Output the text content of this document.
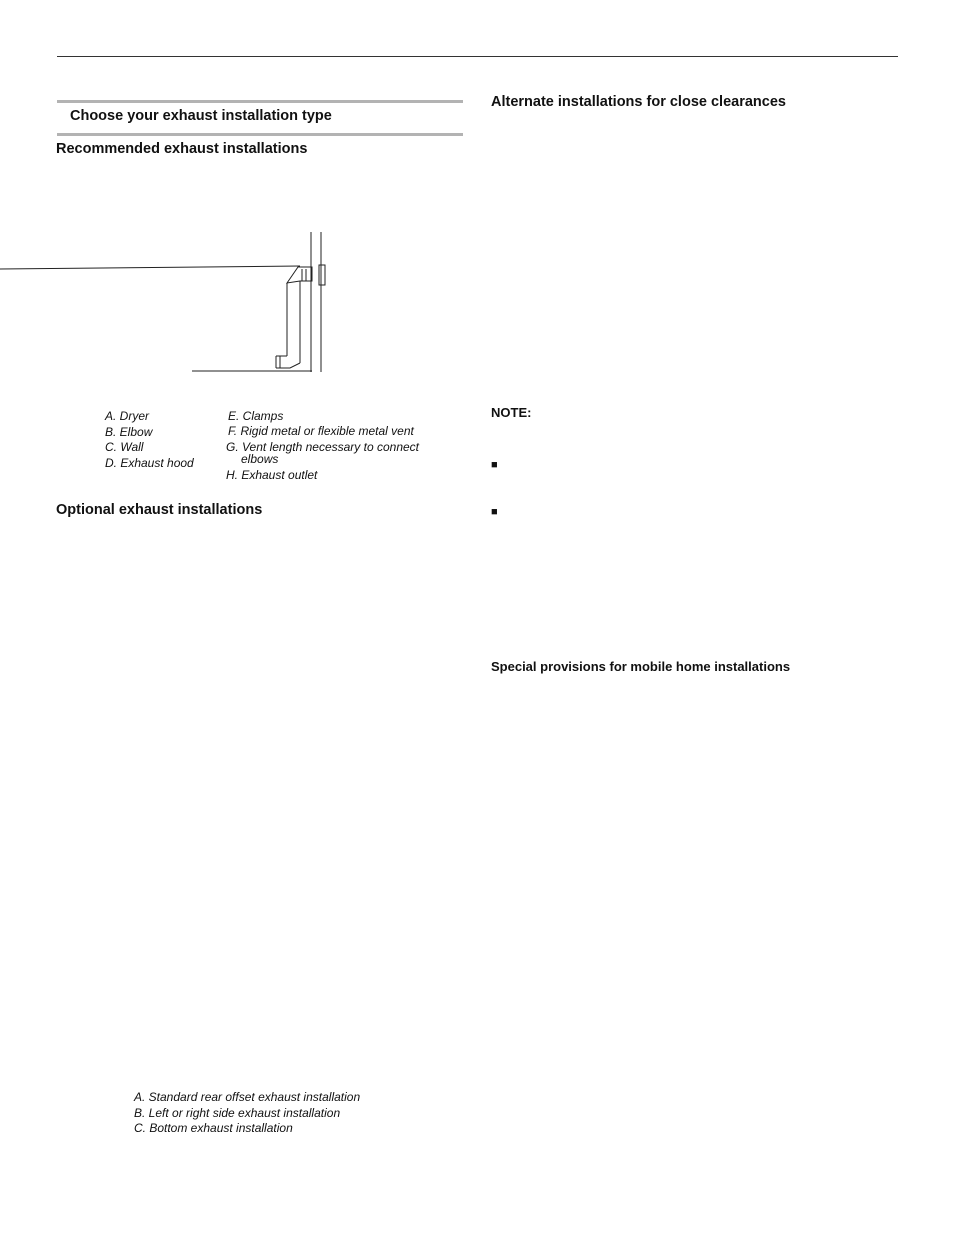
Choose your exhaust installation type
Recommended exhaust installations
A. Dryer
B. Elbow
C. Wall
D. Exhaust hood
E. Clamps
F. Rigid metal or flexible metal vent
G. Vent length necessary to connect
elbows
H. Exhaust outlet
Optional exhaust installations
A. Standard rear offset exhaust installation
B. Left or right side exhaust installation
C. Bottom exhaust installation
Alternate installations for close clearances
NOTE:
■
■
Special provisions for mobile home installations
